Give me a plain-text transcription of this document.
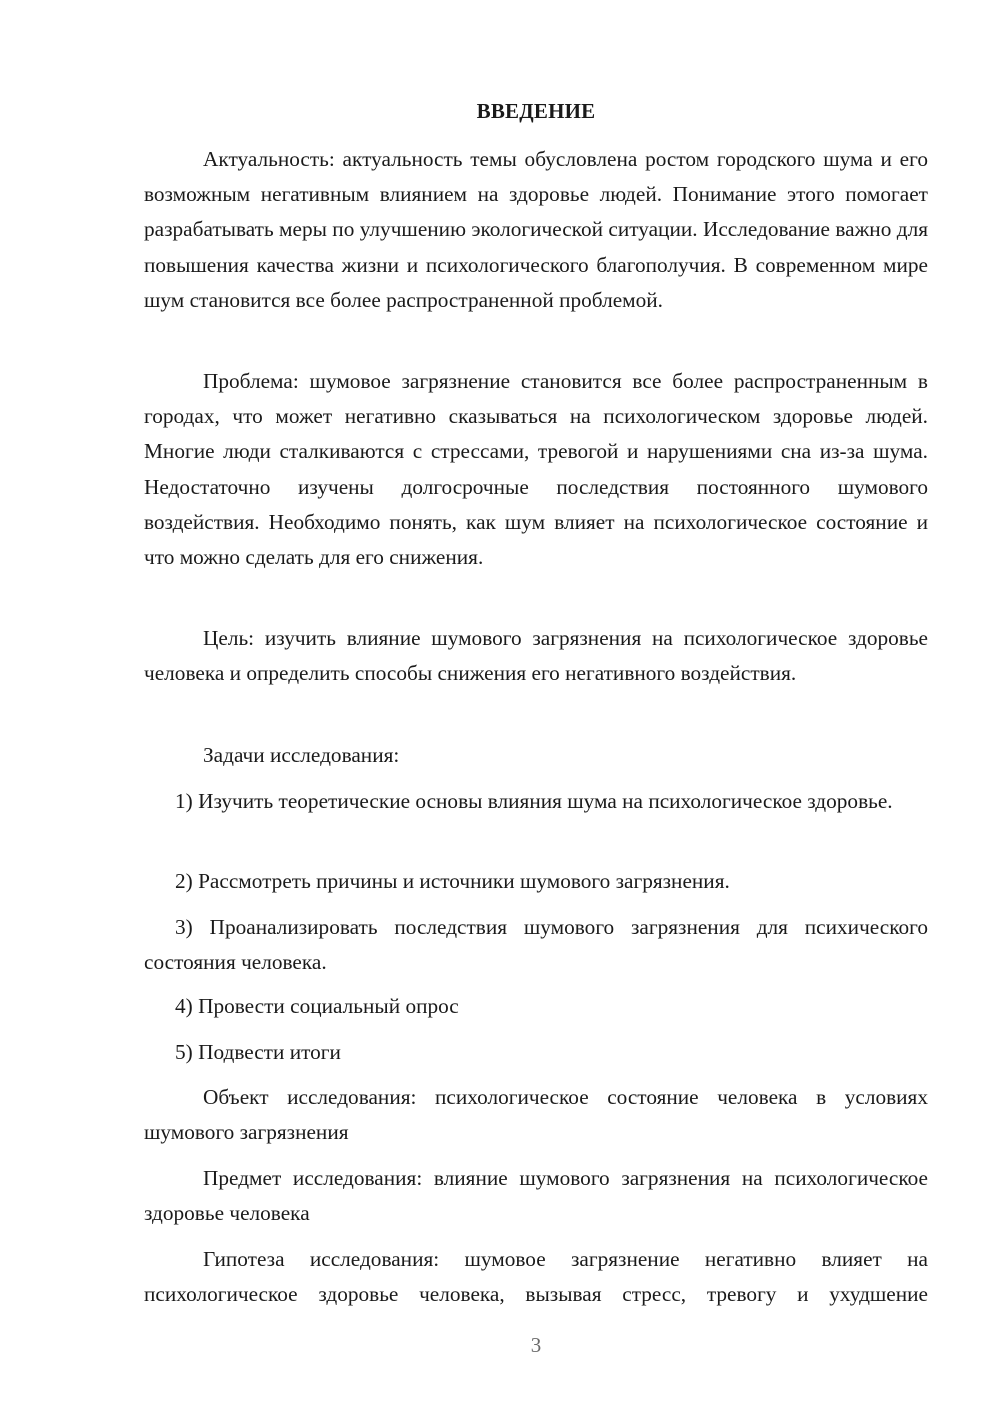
ВВЕДЕНИЕ

Актуальность: актуальность темы обусловлена ростом городского шума и его возможным негативным влиянием на здоровье людей. Понимание этого помогает разрабатывать меры по улучшению экологической ситуации. Исследование важно для повышения качества жизни и психологического благополучия. В современном мире шум становится все более распространенной проблемой.

Проблема: шумовое загрязнение становится все более распространенным в городах, что может негативно сказываться на психологическом здоровье людей. Многие люди сталкиваются с стрессами, тревогой и нарушениями сна из-за шума. Недостаточно изучены долгосрочные последствия постоянного шумового воздействия. Необходимо понять, как шум влияет на психологическое состояние и что можно сделать для его снижения.

Цель: изучить влияние шумового загрязнения на психологическое здоровье человека и определить способы снижения его негативного воздействия.

Задачи исследования:

1) Изучить теоретические основы влияния шума на психологическое здоровье.

2) Рассмотреть причины и источники шумового загрязнения.

3) Проанализировать последствия шумового загрязнения для психического состояния человека.

4) Провести социальный опрос

5) Подвести итоги

Объект исследования: психологическое состояние человека в условиях шумового загрязнения

Предмет исследования: влияние шумового загрязнения на психологическое здоровье человека

Гипотеза исследования: шумовое загрязнение негативно влияет на психологическое здоровье человека, вызывая стресс, тревогу и ухудшение

3
